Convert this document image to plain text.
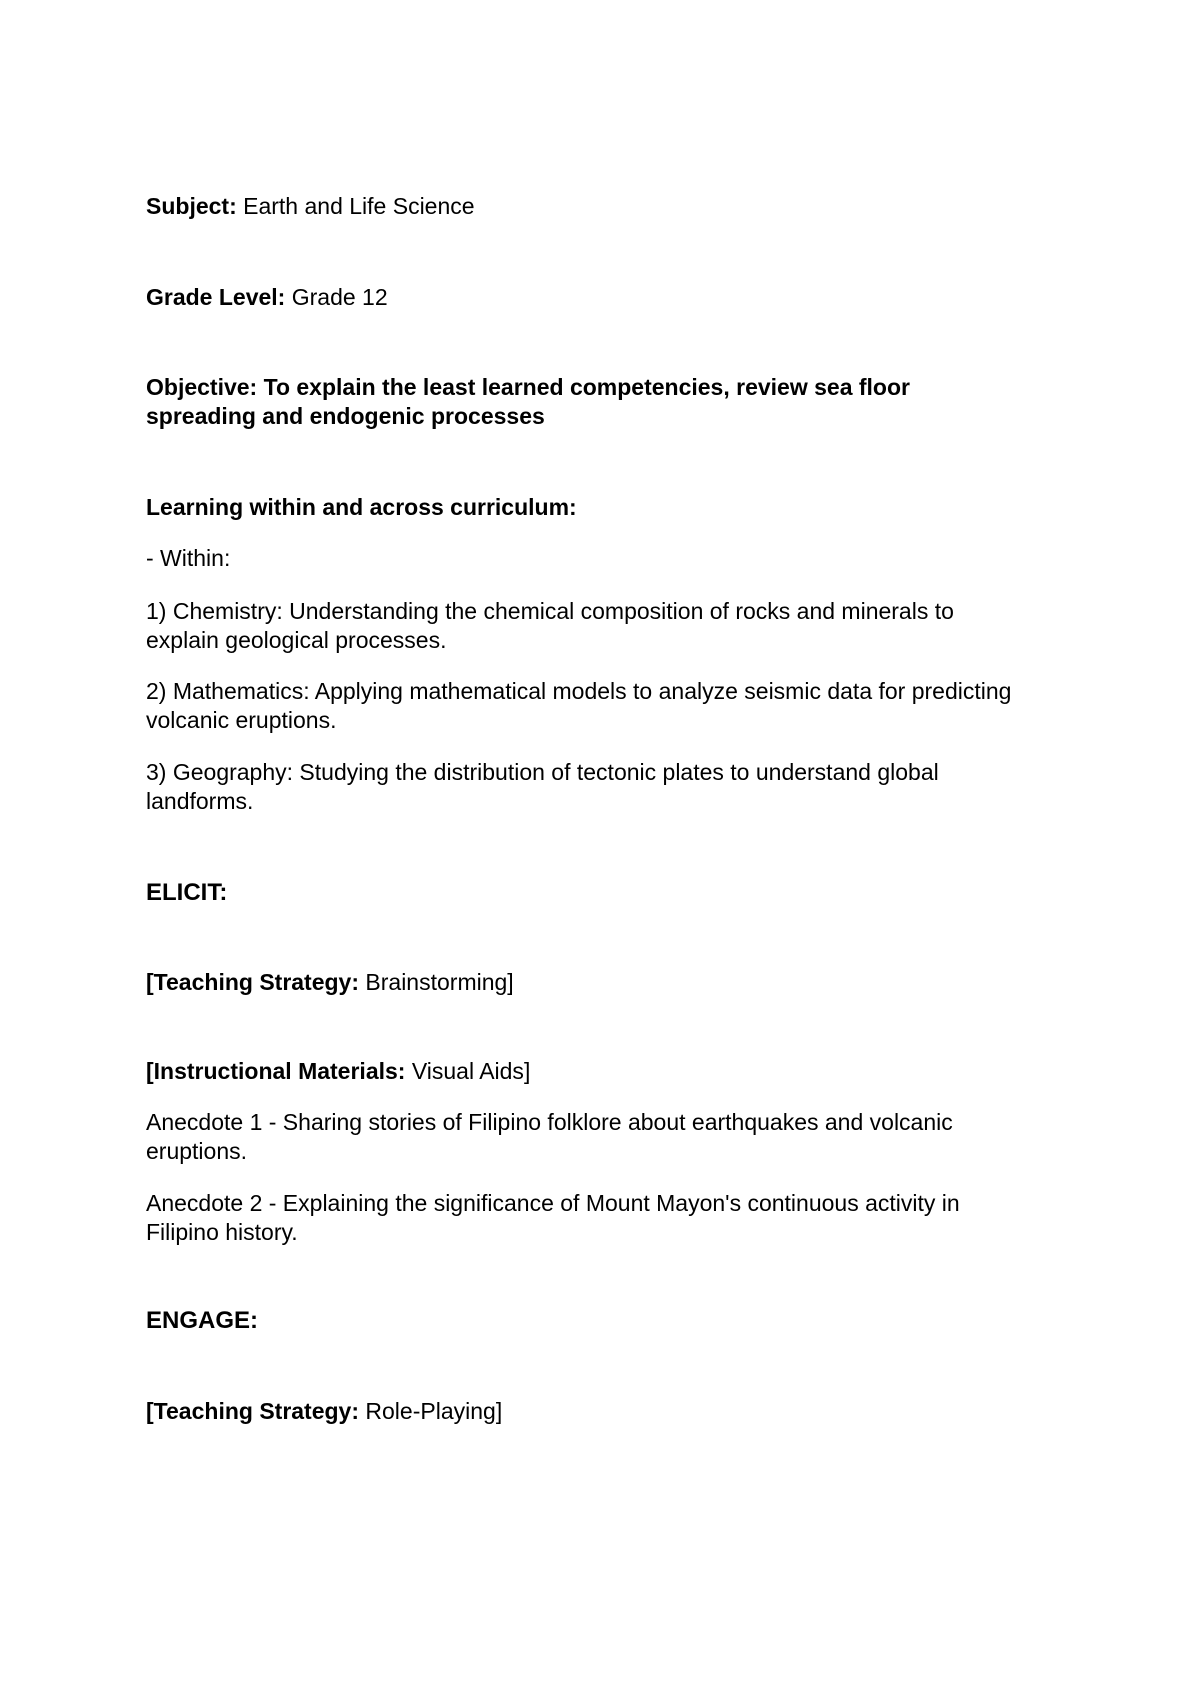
Subject: Earth and Life Science

Grade Level: Grade 12

Objective: To explain the least learned competencies, review sea floor spreading and endogenic processes

Learning within and across curriculum:

- Within:

1) Chemistry: Understanding the chemical composition of rocks and minerals to explain geological processes.

2) Mathematics: Applying mathematical models to analyze seismic data for predicting volcanic eruptions.

3) Geography: Studying the distribution of tectonic plates to understand global landforms.

ELICIT:

[Teaching Strategy: Brainstorming]

[Instructional Materials: Visual Aids]

Anecdote 1 - Sharing stories of Filipino folklore about earthquakes and volcanic eruptions.

Anecdote 2 - Explaining the significance of Mount Mayon's continuous activity in Filipino history.

ENGAGE:

[Teaching Strategy: Role-Playing]
